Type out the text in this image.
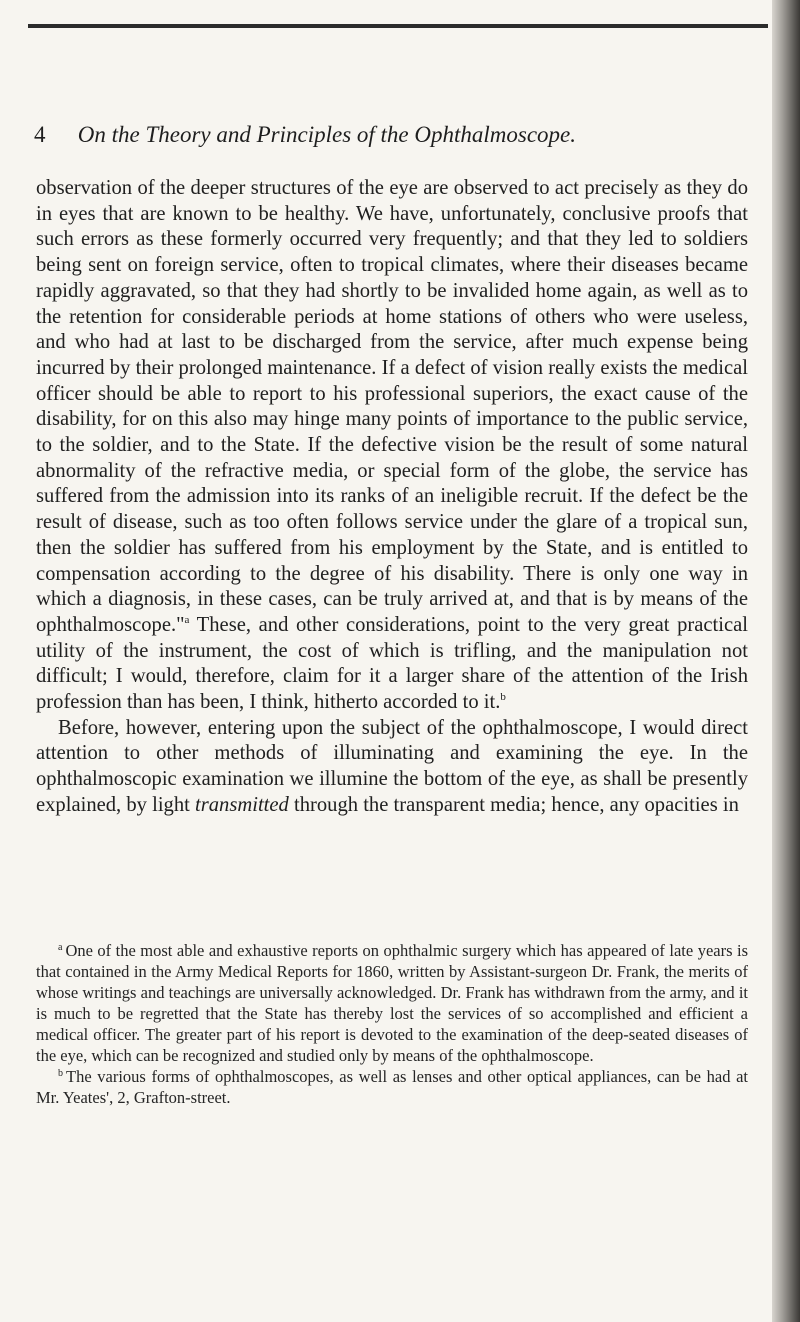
4 On the Theory and Principles of the Ophthalmoscope.

observation of the deeper structures of the eye are observed to act precisely as they do in eyes that are known to be healthy. We have, unfortunately, conclusive proofs that such errors as these formerly occurred very frequently; and that they led to soldiers being sent on foreign service, often to tropical climates, where their diseases became rapidly aggravated, so that they had shortly to be invalided home again, as well as to the retention for considerable periods at home stations of others who were useless, and who had at last to be discharged from the service, after much expense being incurred by their prolonged maintenance. If a defect of vision really exists the medical officer should be able to report to his professional superiors, the exact cause of the disability, for on this also may hinge many points of importance to the public service, to the soldier, and to the State. If the defective vision be the result of some natural abnormality of the refractive media, or special form of the globe, the service has suffered from the admission into its ranks of an ineligible recruit. If the defect be the result of disease, such as too often follows service under the glare of a tropical sun, then the soldier has suffered from his employment by the State, and is entitled to compensation according to the degree of his disability. There is only one way in which a diagnosis, in these cases, can be truly arrived at, and that is by means of the ophthalmoscope."$^a$ These, and other considerations, point to the very great practical utility of the instrument, the cost of which is trifling, and the manipulation not difficult; I would, therefore, claim for it a larger share of the attention of the Irish profession than has been, I think, hitherto accorded to it.$^b$

Before, however, entering upon the subject of the ophthalmoscope, I would direct attention to other methods of illuminating and examining the eye. In the ophthalmoscopic examination we illumine the bottom of the eye, as shall be presently explained, by light transmitted through the transparent media; hence, any opacities in

$^a$ One of the most able and exhaustive reports on ophthalmic surgery which has appeared of late years is that contained in the Army Medical Reports for 1860, written by Assistant-surgeon Dr. Frank, the merits of whose writings and teachings are universally acknowledged. Dr. Frank has withdrawn from the army, and it is much to be regretted that the State has thereby lost the services of so accomplished and efficient a medical officer. The greater part of his report is devoted to the examination of the deep-seated diseases of the eye, which can be recognized and studied only by means of the ophthalmoscope.

$^b$ The various forms of ophthalmoscopes, as well as lenses and other optical appliances, can be had at Mr. Yeates', 2, Grafton-street.
